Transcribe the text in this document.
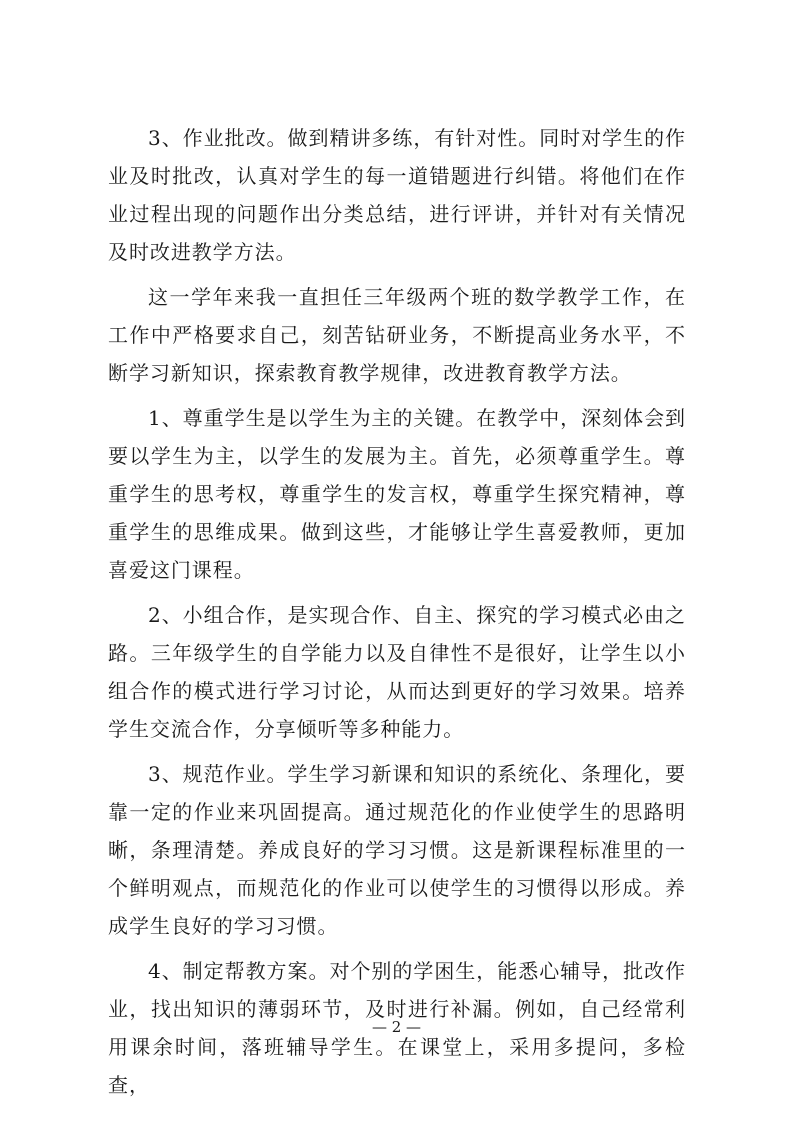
3、作业批改。做到精讲多练，有针对性。同时对学生的作业及时批改，认真对学生的每一道错题进行纠错。将他们在作业过程出现的问题作出分类总结，进行评讲，并针对有关情况及时改进教学方法。

这一学年来我一直担任三年级两个班的数学教学工作，在工作中严格要求自己，刻苦钻研业务，不断提高业务水平，不断学习新知识，探索教育教学规律，改进教育教学方法。

1、尊重学生是以学生为主的关键。在教学中，深刻体会到要以学生为主，以学生的发展为主。首先，必须尊重学生。尊重学生的思考权，尊重学生的发言权，尊重学生探究精神，尊重学生的思维成果。做到这些，才能够让学生喜爱教师，更加喜爱这门课程。

2、小组合作，是实现合作、自主、探究的学习模式必由之路。三年级学生的自学能力以及自律性不是很好，让学生以小组合作的模式进行学习讨论，从而达到更好的学习效果。培养学生交流合作，分享倾听等多种能力。

3、规范作业。学生学习新课和知识的系统化、条理化，要靠一定的作业来巩固提高。通过规范化的作业使学生的思路明晰，条理清楚。养成良好的学习习惯。这是新课程标准里的一个鲜明观点，而规范化的作业可以使学生的习惯得以形成。养成学生良好的学习习惯。

4、制定帮教方案。对个别的学困生，能悉心辅导，批改作业，找出知识的薄弱环节，及时进行补漏。例如，自己经常利用课余时间，落班辅导学生。在课堂上，采用多提问，多检查，

— 2 —
